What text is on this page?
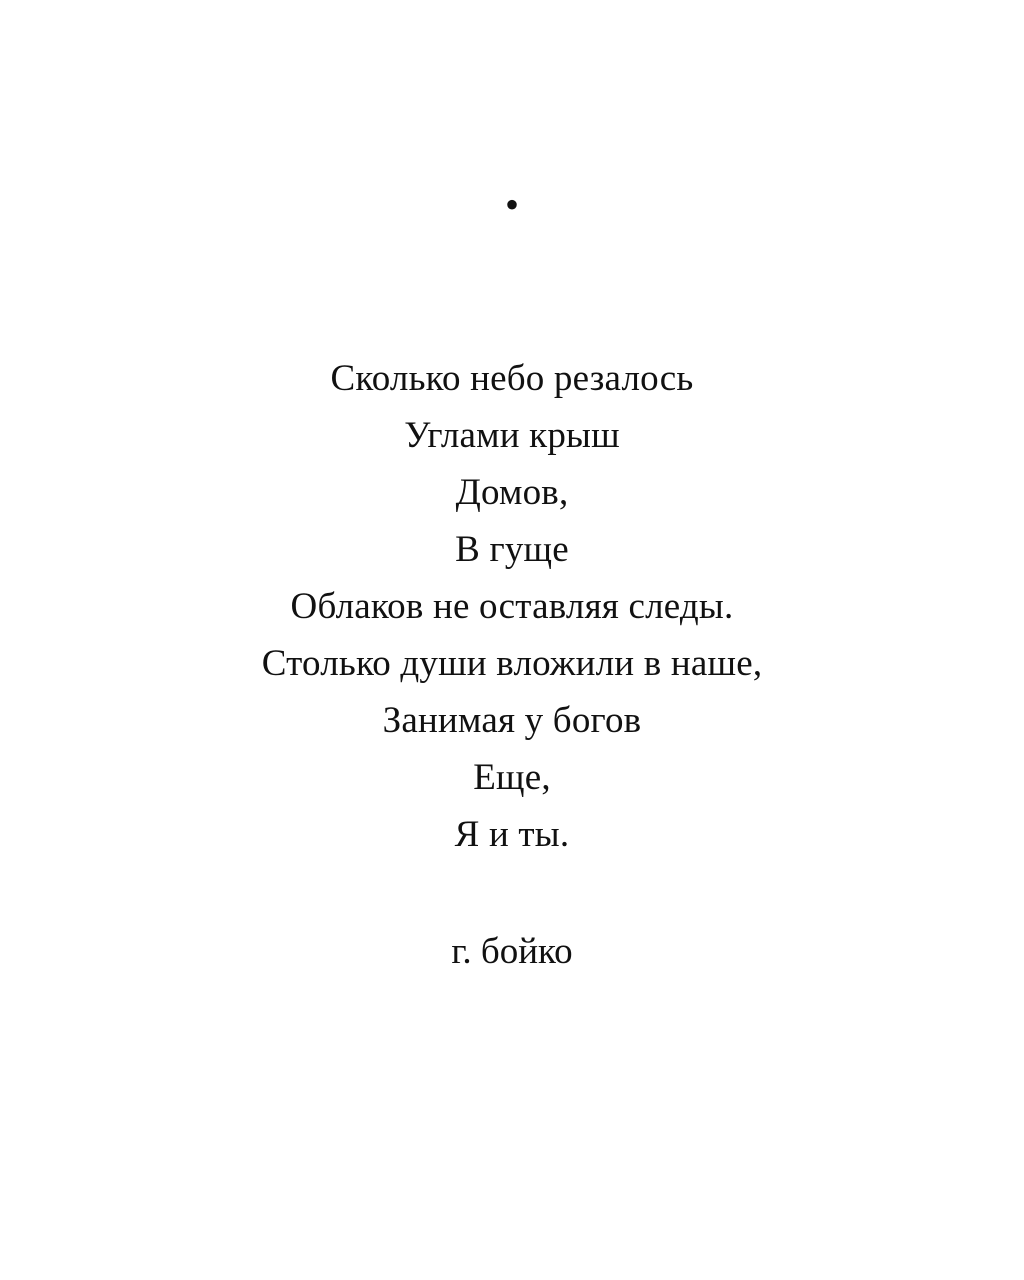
•
Сколько небо резалось
Углами крыш
Домов,
В гуще
Облаков не оставляя следы.
Столько души вложили в наше,
Занимая у богов
Еще,
Я и ты.
г. бойко
